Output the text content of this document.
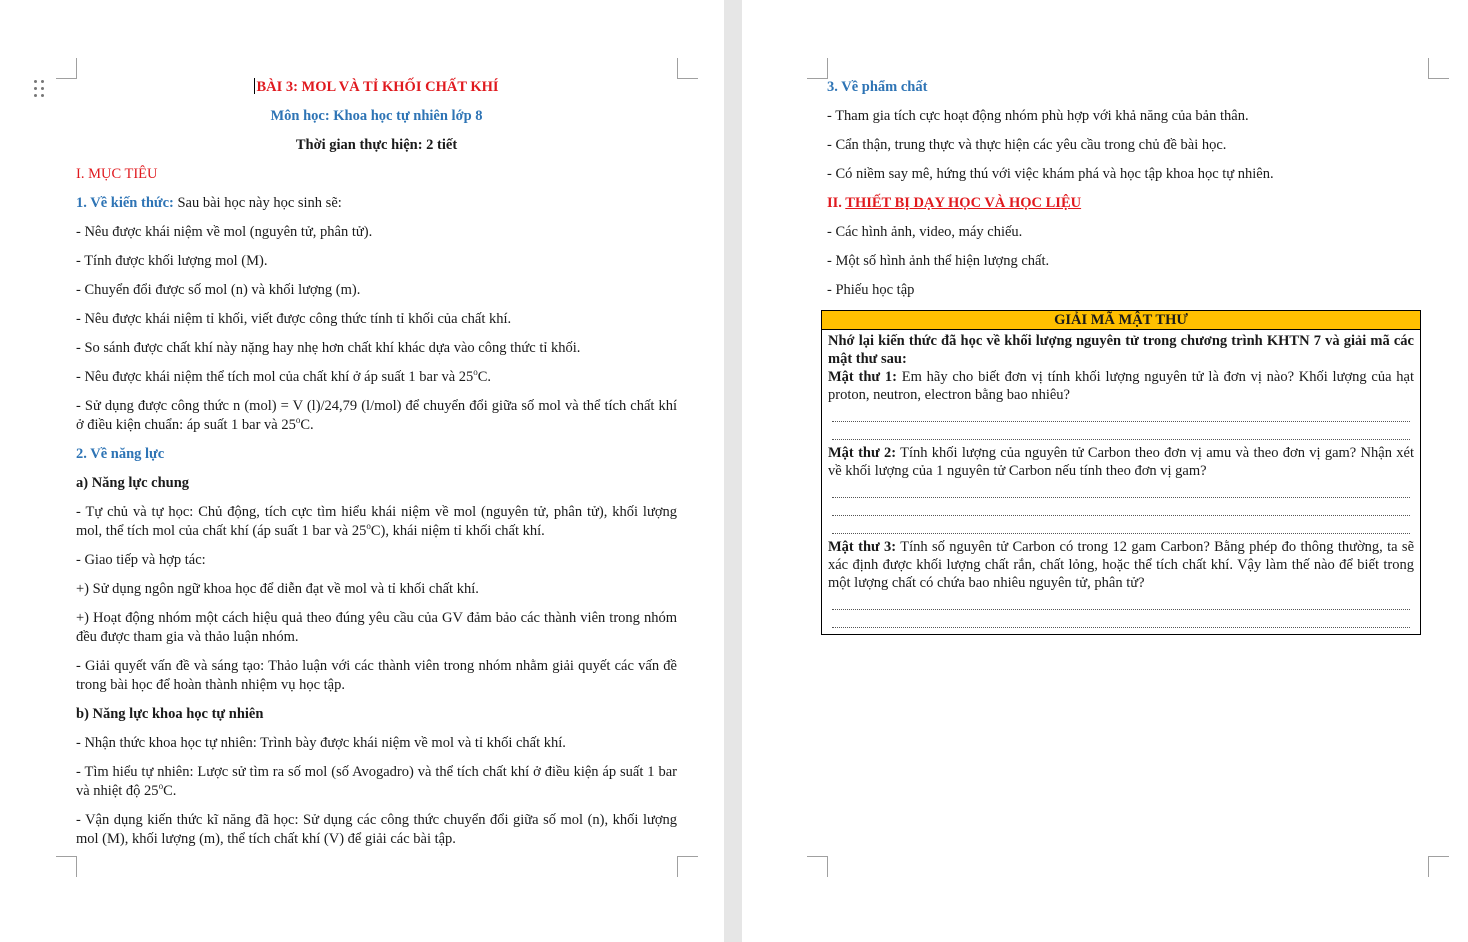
BÀI 3: MOL VÀ TỈ KHỐI CHẤT KHÍ

Môn học: Khoa học tự nhiên lớp 8

Thời gian thực hiện: 2 tiết

I. MỤC TIÊU

1. Về kiến thức: Sau bài học này học sinh sẽ:

- Nêu được khái niệm về mol (nguyên tử, phân tử).

- Tính được khối lượng mol (M).

- Chuyển đổi được số mol (n) và khối lượng (m).

- Nêu được khái niệm tỉ khối, viết được công thức tính tỉ khối của chất khí.

- So sánh được chất khí này nặng hay nhẹ hơn chất khí khác dựa vào công thức tỉ khối.

- Nêu được khái niệm thể tích mol của chất khí ở áp suất 1 bar và 25$^o$C.

- Sử dụng được công thức n (mol) = V (l)/24,79 (l/mol) để chuyển đổi giữa số mol và thể tích chất khí ở điều kiện chuẩn: áp suất 1 bar và 25$^o$C.

2. Về năng lực

a) Năng lực chung

- Tự chủ và tự học: Chủ động, tích cực tìm hiểu khái niệm về mol (nguyên tử, phân tử), khối lượng mol, thể tích mol của chất khí (áp suất 1 bar và 25$^o$C), khái niệm tỉ khối chất khí.

- Giao tiếp và hợp tác:

+) Sử dụng ngôn ngữ khoa học để diễn đạt về mol và tỉ khối chất khí.

+) Hoạt động nhóm một cách hiệu quả theo đúng yêu cầu của GV đảm bảo các thành viên trong nhóm đều được tham gia và thảo luận nhóm.

- Giải quyết vấn đề và sáng tạo: Thảo luận với các thành viên trong nhóm nhằm giải quyết các vấn đề trong bài học để hoàn thành nhiệm vụ học tập.

b) Năng lực khoa học tự nhiên

- Nhận thức khoa học tự nhiên: Trình bày được khái niệm về mol và tỉ khối chất khí.

- Tìm hiểu tự nhiên: Lược sử tìm ra số mol (số Avogadro) và thể tích chất khí ở điều kiện áp suất 1 bar và nhiệt độ 25$^o$C.

- Vận dụng kiến thức kĩ năng đã học: Sử dụng các công thức chuyển đổi giữa số mol (n), khối lượng mol (M), khối lượng (m), thể tích chất khí (V) để giải các bài tập.

3. Về phẩm chất

- Tham gia tích cực hoạt động nhóm phù hợp với khả năng của bản thân.

- Cẩn thận, trung thực và thực hiện các yêu cầu trong chủ đề bài học.

- Có niềm say mê, hứng thú với việc khám phá và học tập khoa học tự nhiên.

II. THIẾT BỊ DẠY HỌC VÀ HỌC LIỆU

- Các hình ảnh, video, máy chiếu.

- Một số hình ảnh thể hiện lượng chất.

- Phiếu học tập

GIẢI MÃ MẬT THƯ

Nhớ lại kiến thức đã học về khối lượng nguyên tử trong chương trình KHTN 7 và giải mã các mật thư sau:

Mật thư 1: Em hãy cho biết đơn vị tính khối lượng nguyên tử là đơn vị nào? Khối lượng của hạt proton, neutron, electron bằng bao nhiêu?

Mật thư 2: Tính khối lượng của nguyên tử Carbon theo đơn vị amu và theo đơn vị gam? Nhận xét về khối lượng của 1 nguyên tử Carbon nếu tính theo đơn vị gam?

Mật thư 3: Tính số nguyên tử Carbon có trong 12 gam Carbon? Bằng phép đo thông thường, ta sẽ xác định được khối lượng chất rắn, chất lỏng, hoặc thể tích chất khí. Vậy làm thế nào để biết trong một lượng chất có chứa bao nhiêu nguyên tử, phân tử?
